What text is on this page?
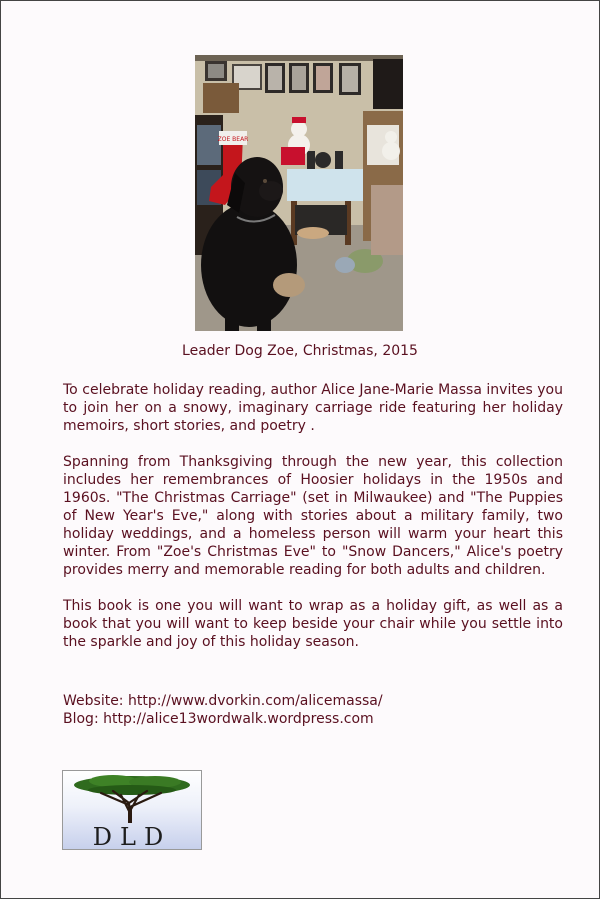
ZOE BEAR

Leader Dog Zoe, Christmas, 2015

To celebrate holiday reading, author Alice Jane-Marie Massa invites you to join her on a snowy, imaginary carriage ride featuring her holiday memoirs, short stories, and poetry .

Spanning from Thanksgiving through the new year, this collection includes her remembrances of Hoosier holidays in the 1950s and 1960s. "The Christmas Carriage" (set in Milwaukee) and "The Puppies of New Year's Eve," along with stories about a military family, two holiday weddings, and a homeless person will warm your heart this winter. From "Zoe's Christmas Eve" to "Snow Dancers," Alice's poetry provides merry and memorable reading for both adults and children.

This book is one you will want to wrap as a holiday gift, as well as a book that you will want to keep beside your chair while you settle into the sparkle and joy of this holiday season.

Website: http://www.dvorkin.com/alicemassa/
Blog: http://alice13wordwalk.wordpress.com
DLD
